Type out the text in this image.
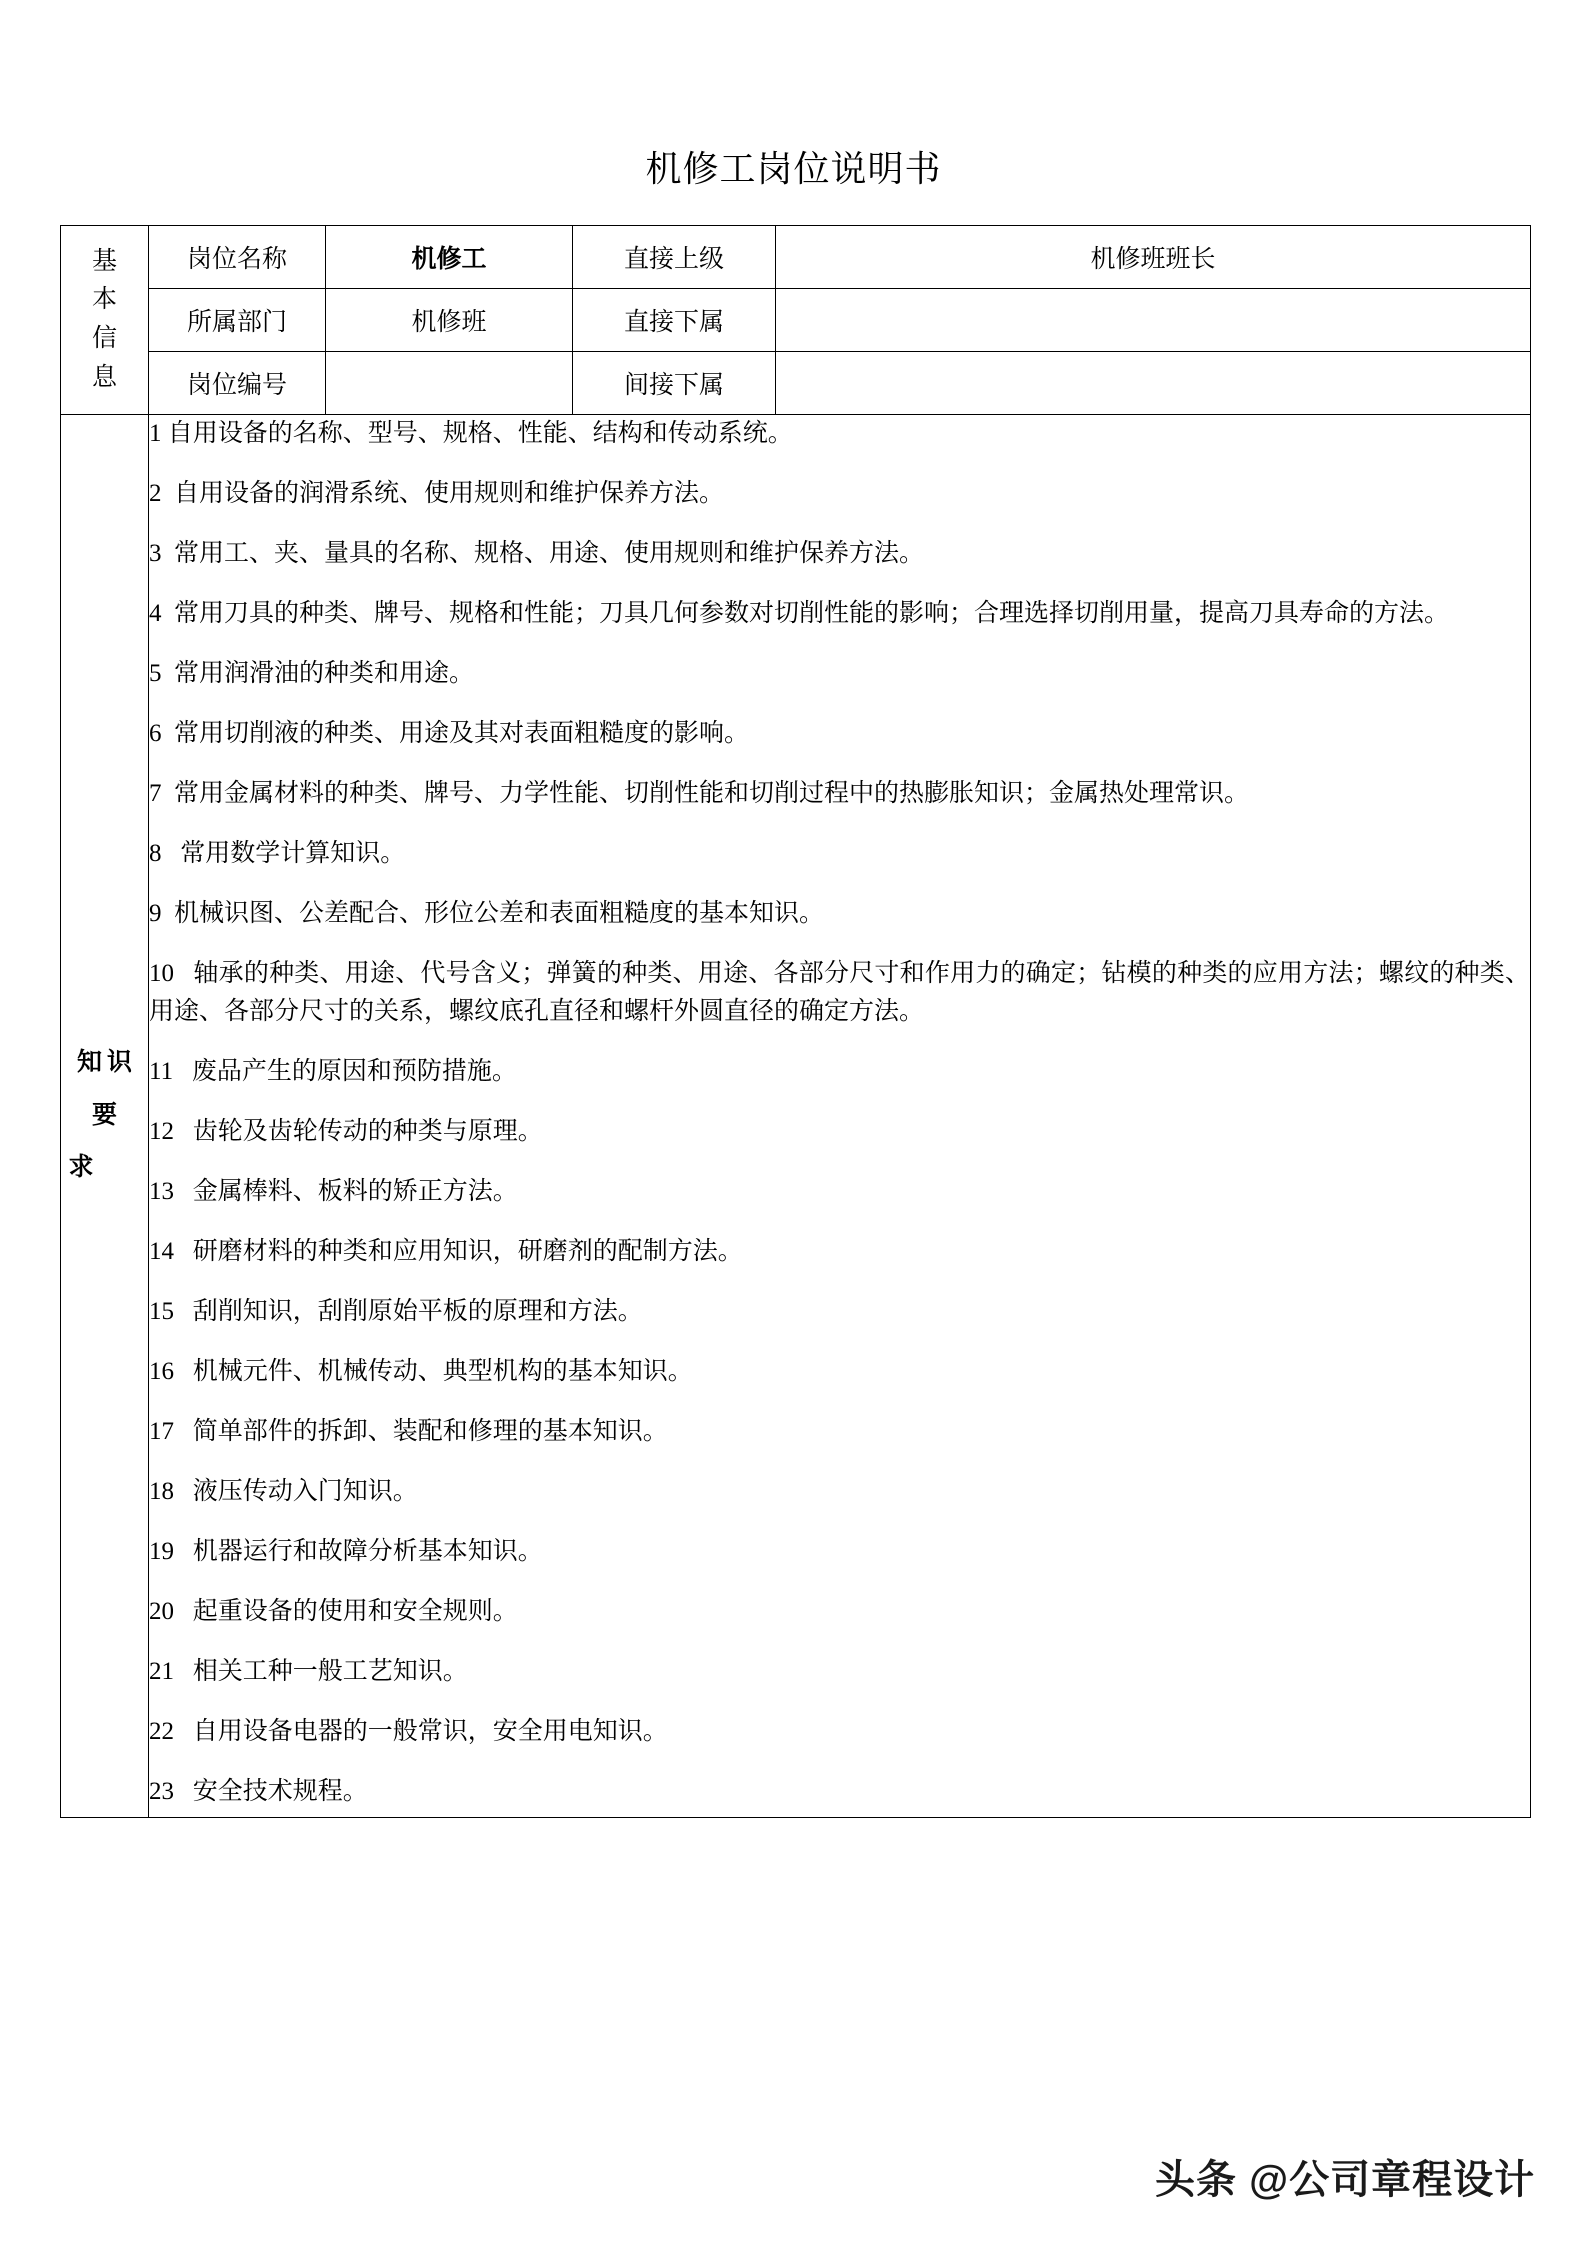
机修工岗位说明书
基
本
信
息	岗位名称	机修工	直接上级	机修班班长
	所属部门	机修班	直接下属	
	岗位编号		间接下属	

知识要
求

1 自用设备的名称、型号、规格、性能、结构和传动系统。

2  自用设备的润滑系统、使用规则和维护保养方法。

3  常用工、夹、量具的名称、规格、用途、使用规则和维护保养方法。

4  常用刀具的种类、牌号、规格和性能；刀具几何参数对切削性能的影响；合理选择切削用量，提高刀具寿命的方法。

5  常用润滑油的种类和用途。

6  常用切削液的种类、用途及其对表面粗糙度的影响。

7  常用金属材料的种类、牌号、力学性能、切削性能和切削过程中的热膨胀知识；金属热处理常识。

8   常用数学计算知识。

9  机械识图、公差配合、形位公差和表面粗糙度的基本知识。

10   轴承的种类、用途、代号含义；弹簧的种类、用途、各部分尺寸和作用力的确定；钻模的种类的应用方法；螺纹的种类、用途、各部分尺寸的关系，螺纹底孔直径和螺杆外圆直径的确定方法。

11   废品产生的原因和预防措施。

12   齿轮及齿轮传动的种类与原理。

13   金属棒料、板料的矫正方法。

14   研磨材料的种类和应用知识，研磨剂的配制方法。

15   刮削知识，刮削原始平板的原理和方法。

16   机械元件、机械传动、典型机构的基本知识。

17   简单部件的拆卸、装配和修理的基本知识。

18   液压传动入门知识。

19   机器运行和故障分析基本知识。

20   起重设备的使用和安全规则。

21   相关工种一般工艺知识。

22   自用设备电器的一般常识，安全用电知识。

23   安全技术规程。

头条 @公司章程设计
